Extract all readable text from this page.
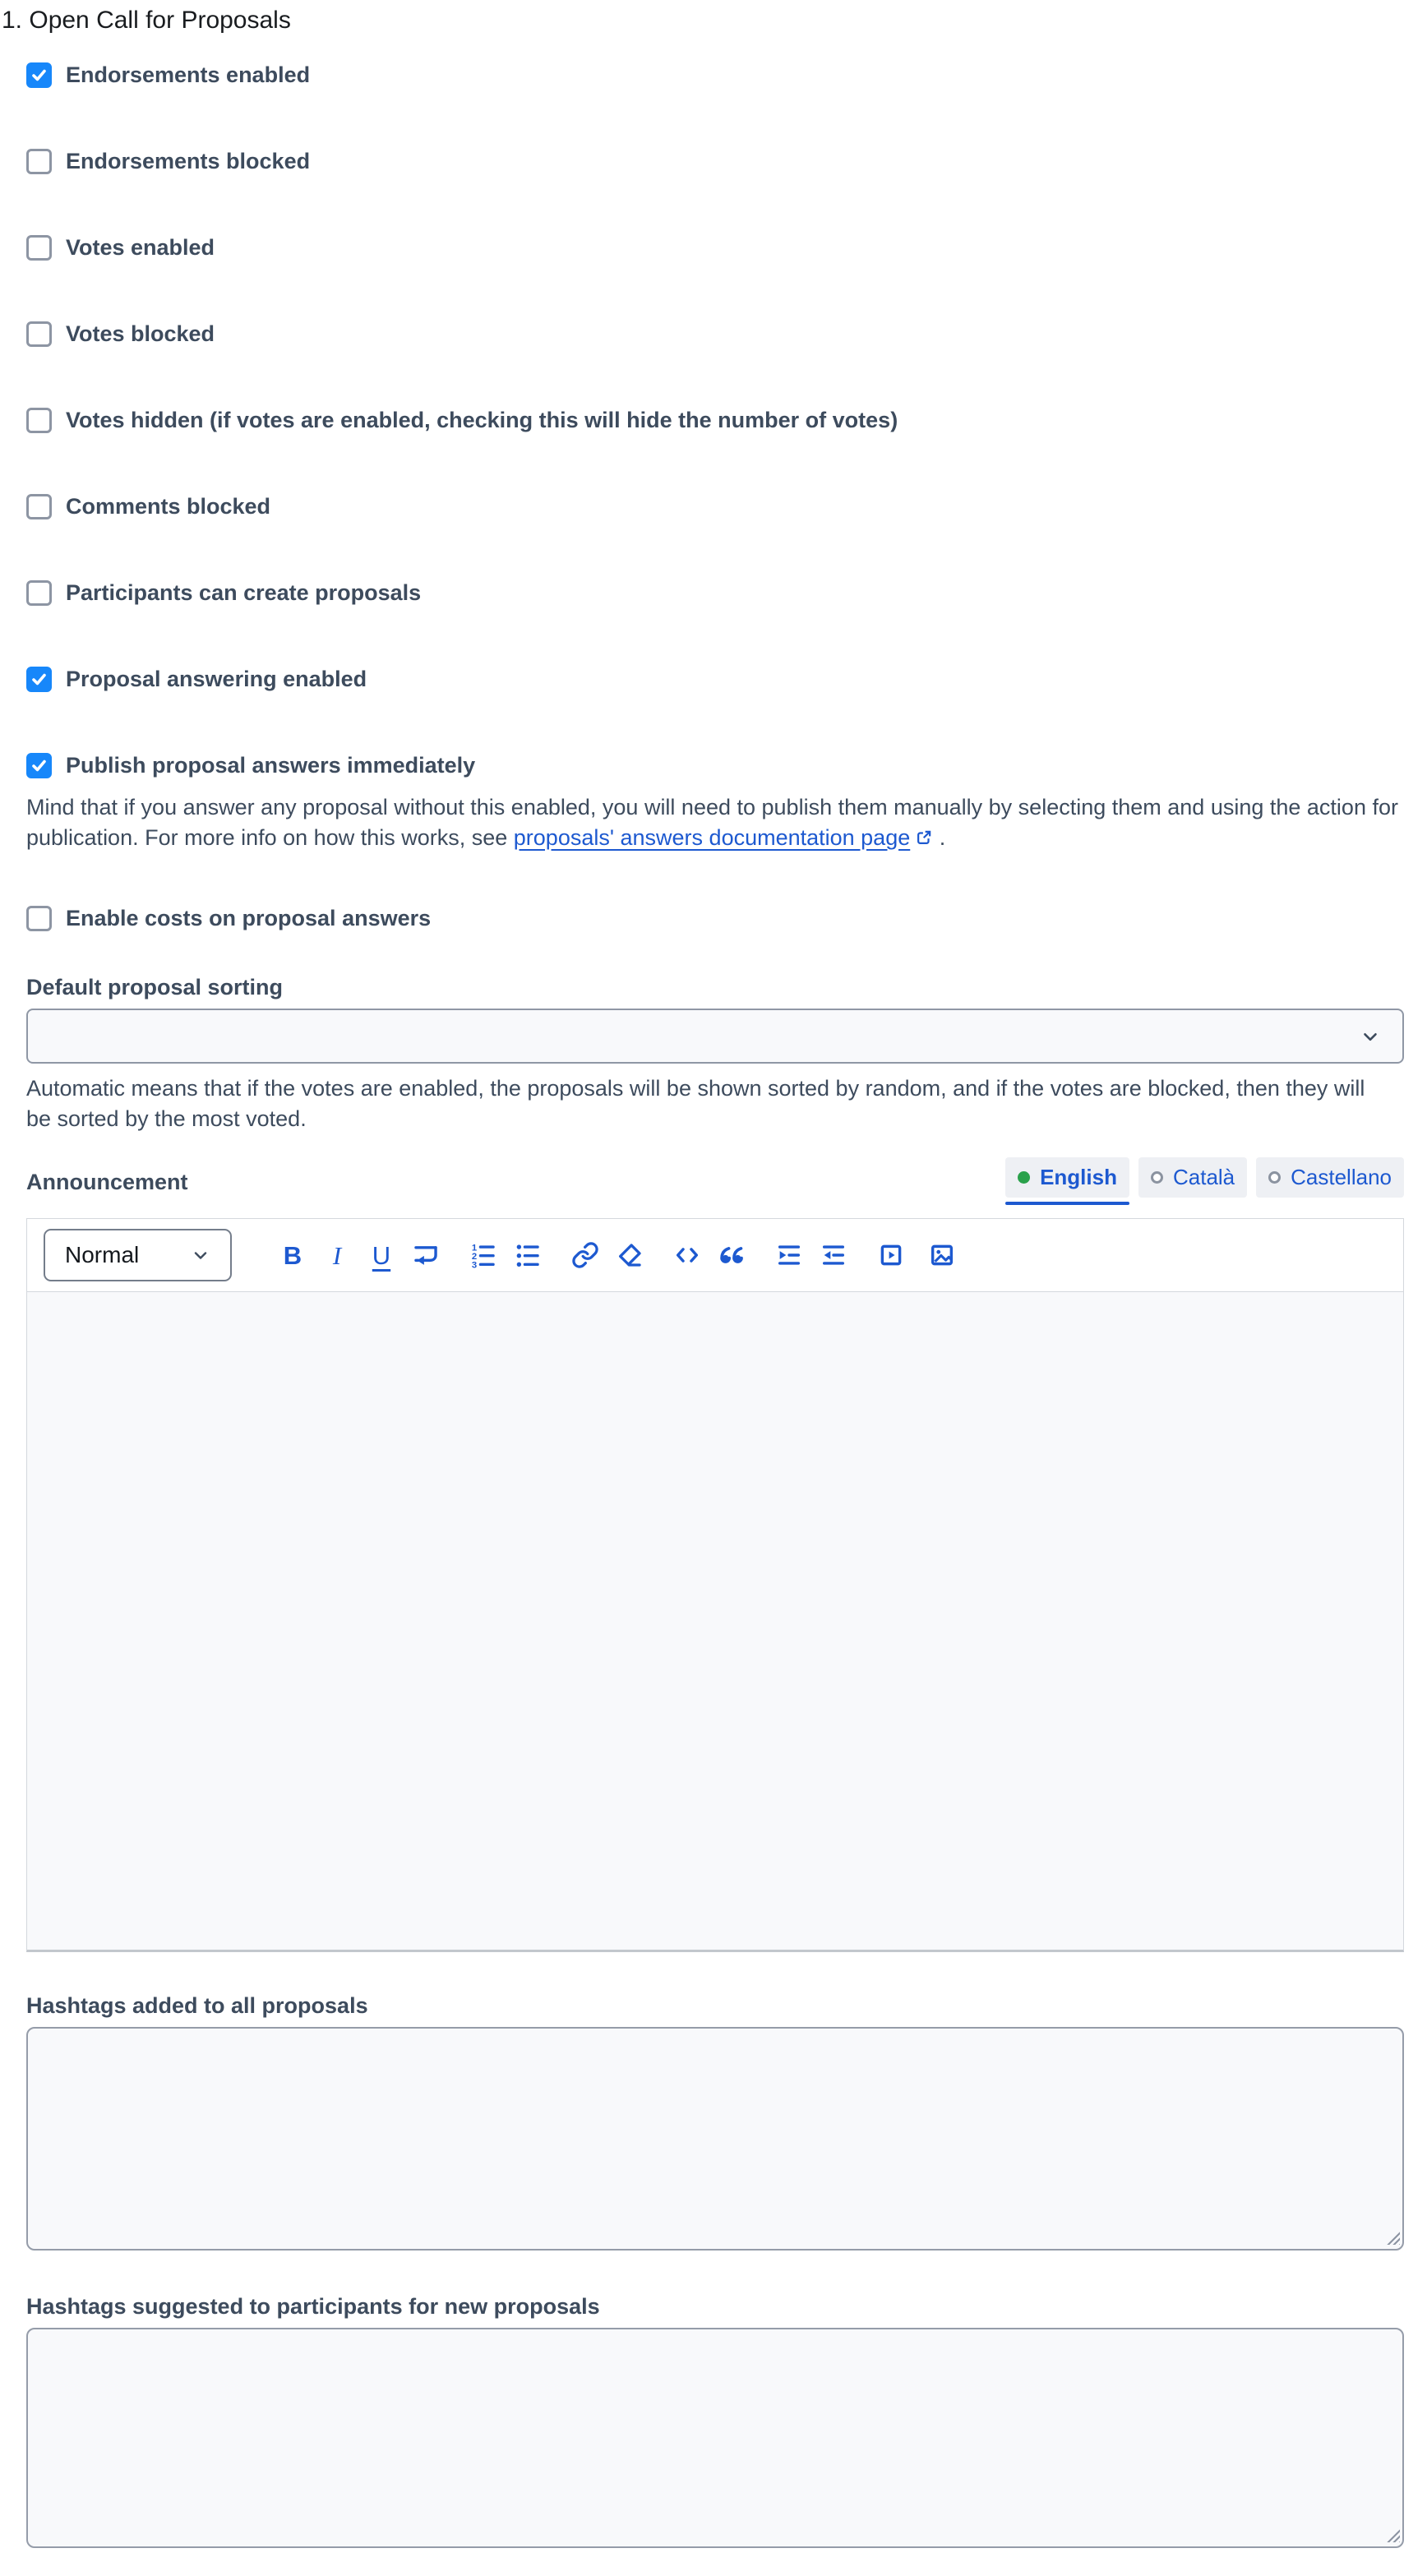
1. Open Call for Proposals
Endorsements enabled
Endorsements blocked
Votes enabled
Votes blocked
Votes hidden (if votes are enabled, checking this will hide the number of votes)
Comments blocked
Participants can create proposals
Proposal answering enabled
Publish proposal answers immediately

Mind that if you answer any proposal without this enabled, you will need to publish them manually by selecting them and using the action for publication. For more info on how this works, see proposals' answers documentation page
.

Enable costs on proposal answers
Default proposal sorting

Automatic means that if the votes are enabled, the proposals will be shown sorted by random, and if the votes are blocked, then they will be sorted by the most voted.

Announcement	English	Català	Castellano
Normal	B I U	1
2
3
Hashtags added to all proposals
Hashtags suggested to participants for new proposals
